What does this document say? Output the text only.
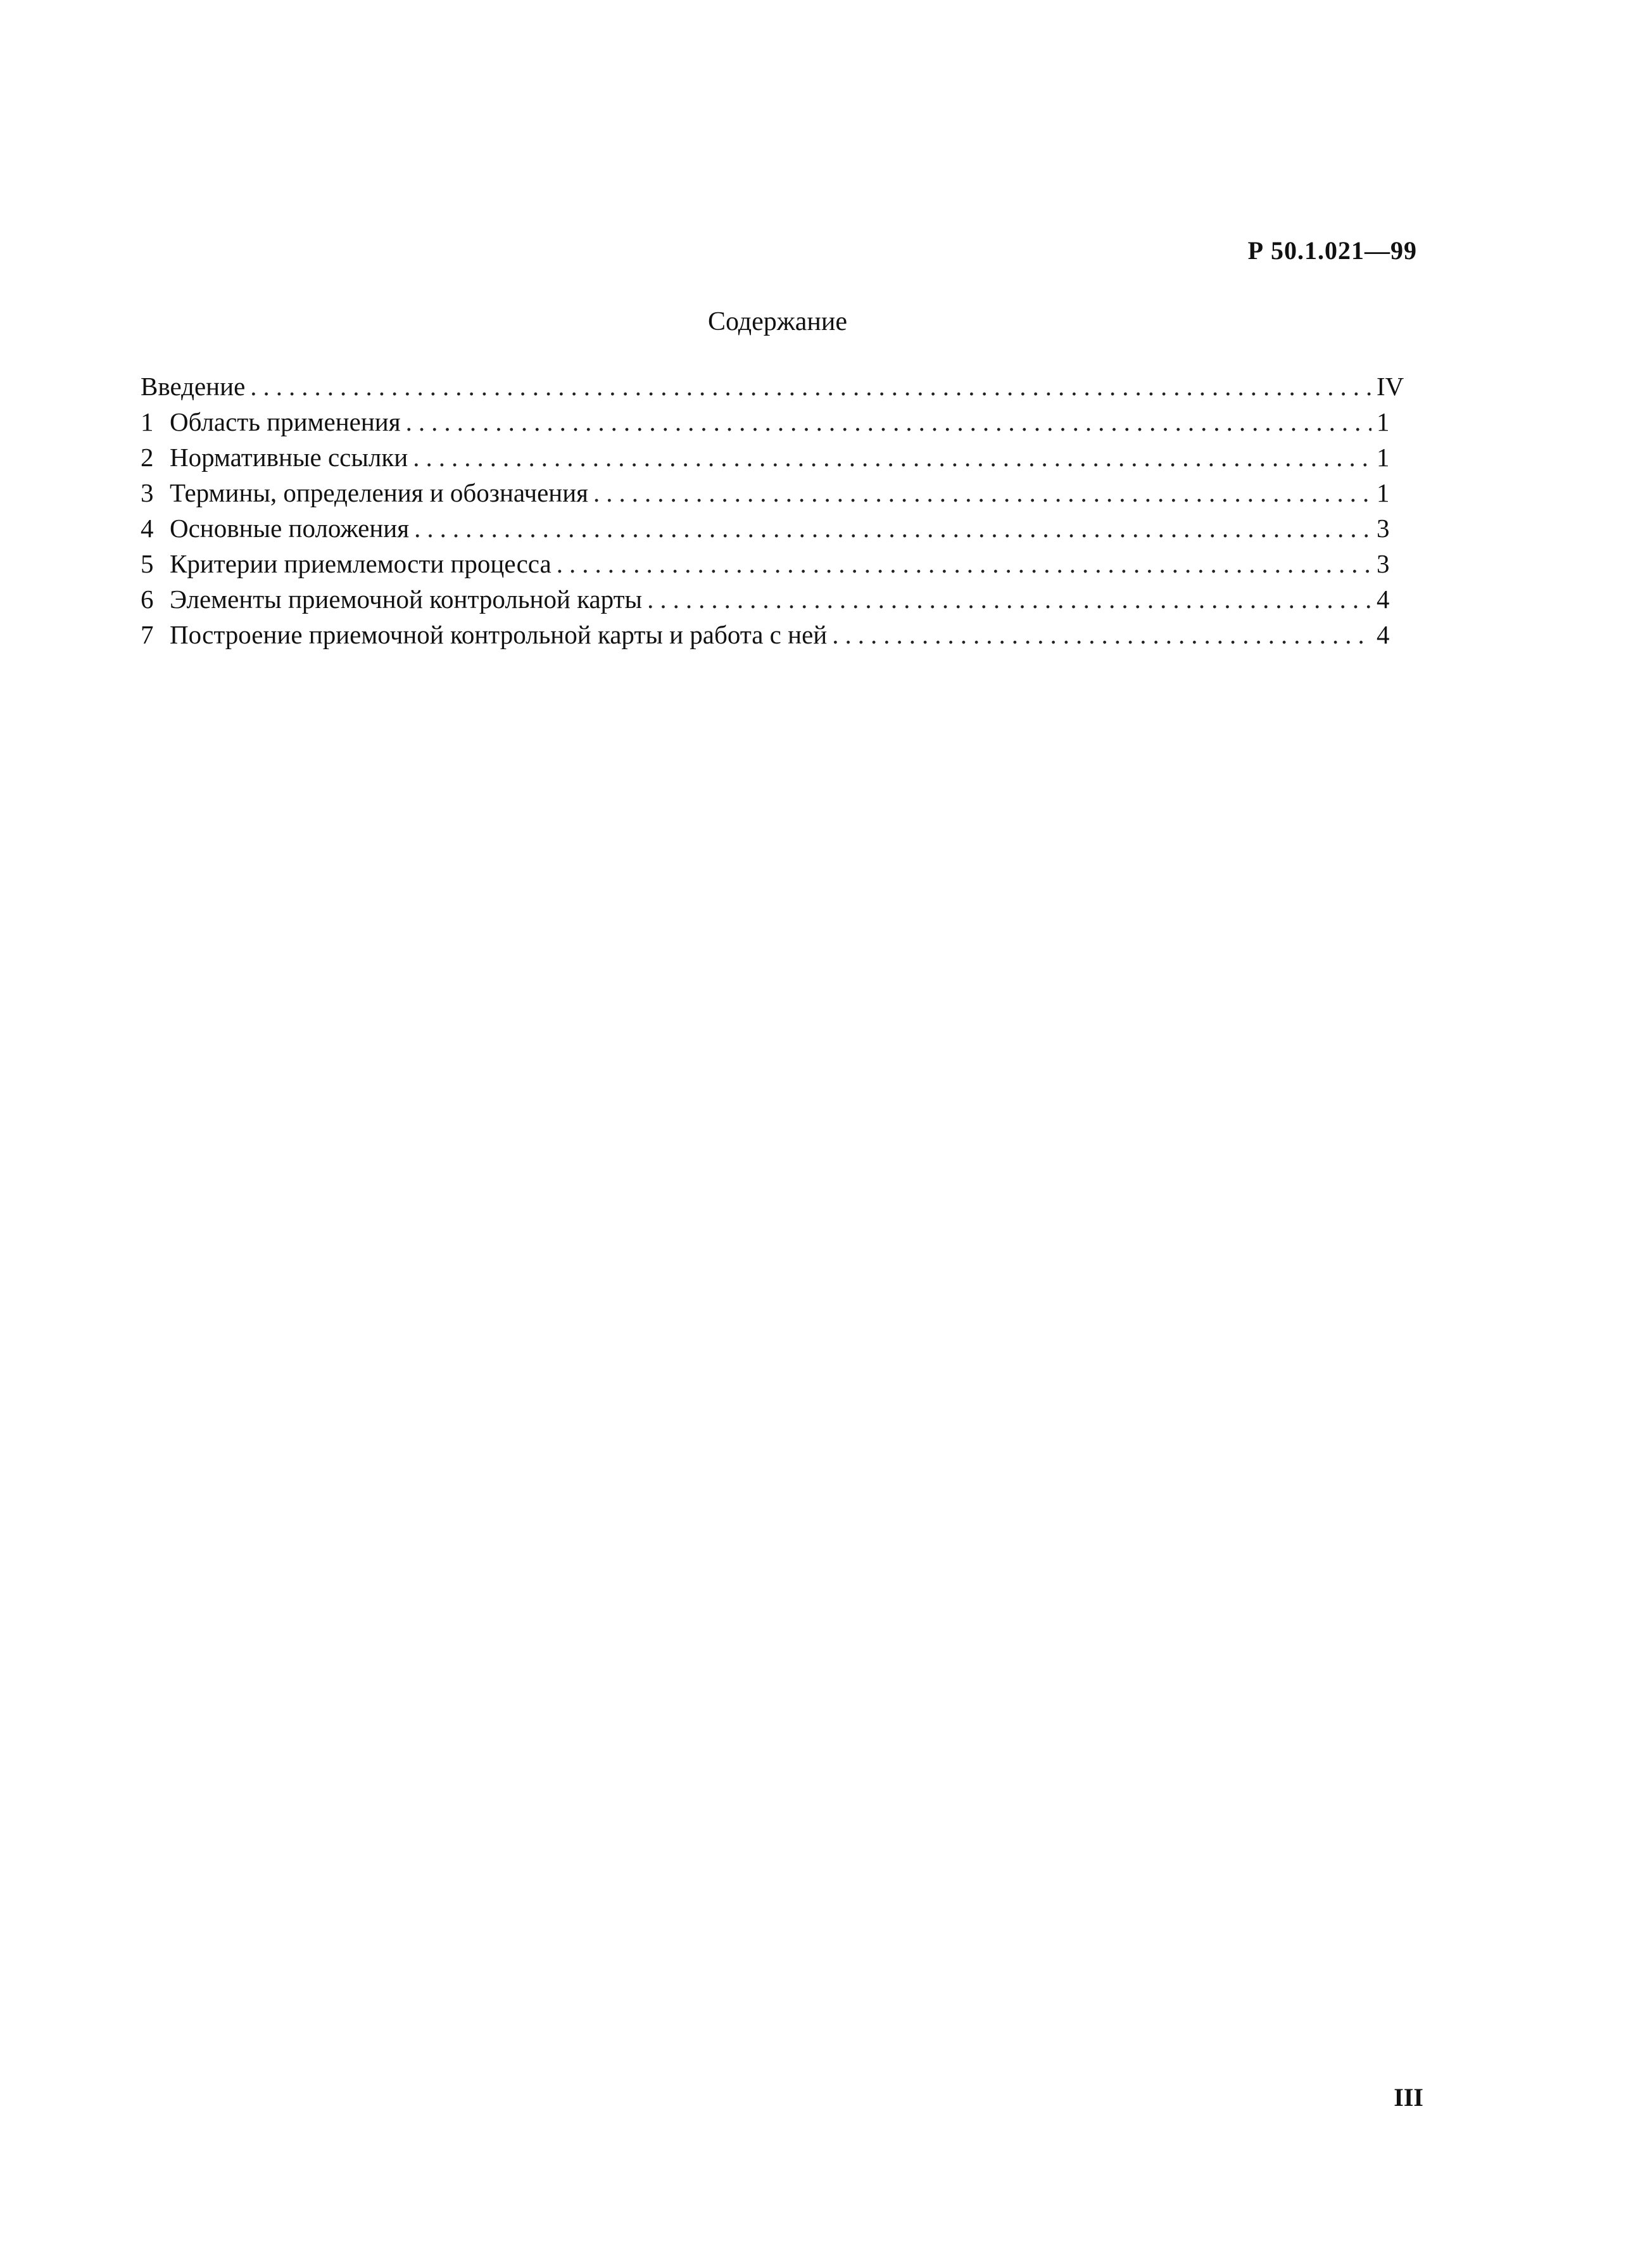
Р 50.1.021—99
Содержание
Введение .....	IV
1 Область применения .....	1
2 Нормативные ссылки .....	1
3 Термины, определения и обозначения .....	1
4 Основные положения .....	3
5 Критерии приемлемости процесса .....	3
6 Элементы приемочной контрольной карты .....	4
7 Построение приемочной контрольной карты и работа с ней .....	4
III
